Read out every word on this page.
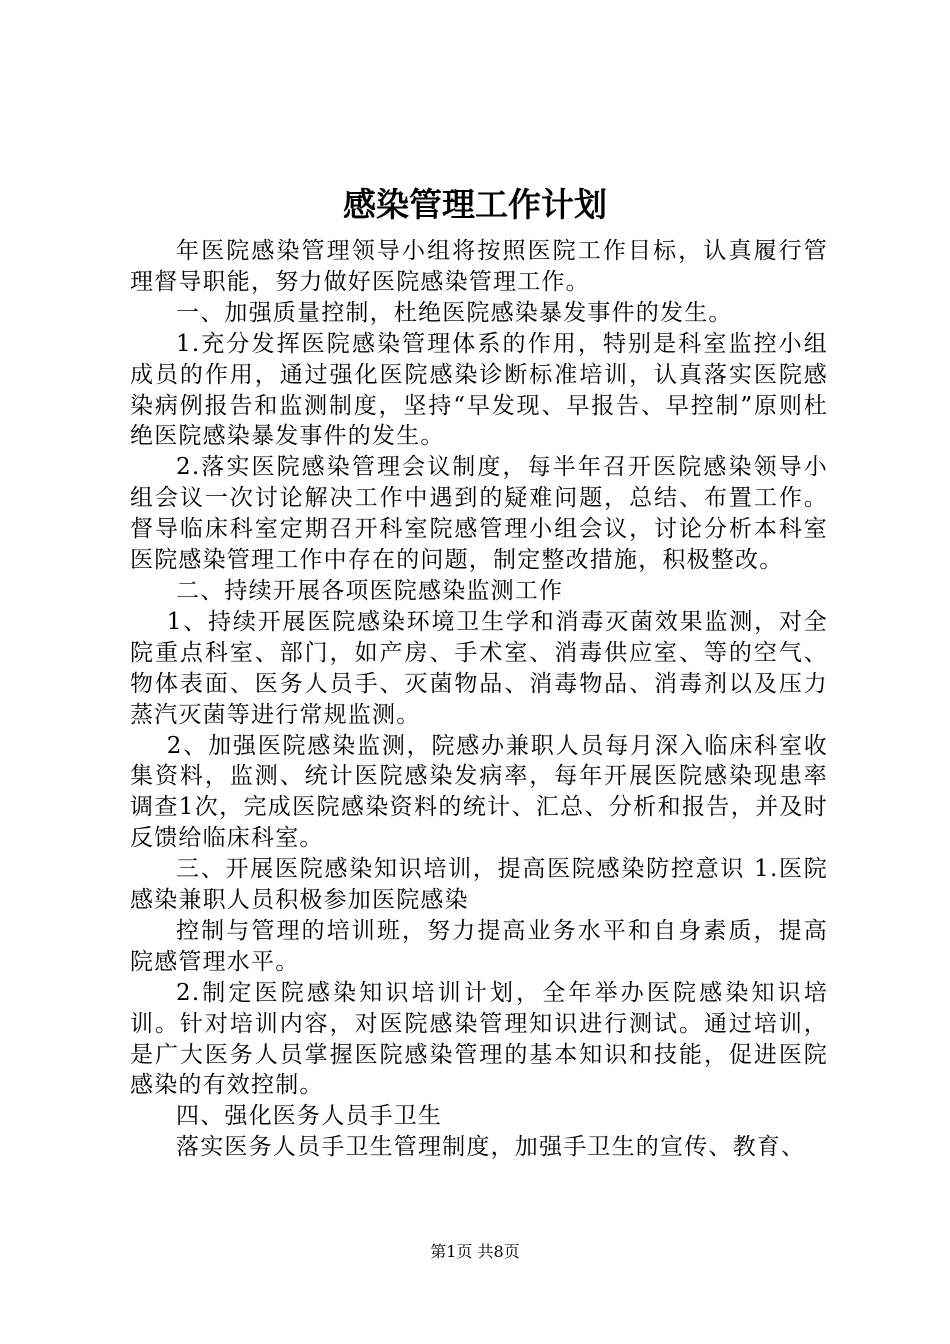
感染管理工作计划

年医院感染管理领导小组将按照医院工作目标，认真履行管理督导职能，努力做好医院感染管理工作。

一、加强质量控制，杜绝医院感染暴发事件的发生。

1.充分发挥医院感染管理体系的作用，特别是科室监控小组成员的作用，通过强化医院感染诊断标准培训，认真落实医院感染病例报告和监测制度，坚持“早发现、早报告、早控制”原则杜绝医院感染暴发事件的发生。

2.落实医院感染管理会议制度，每半年召开医院感染领导小组会议一次讨论解决工作中遇到的疑难问题，总结、布置工作。督导临床科室定期召开科室院感管理小组会议，讨论分析本科室医院感染管理工作中存在的问题，制定整改措施，积极整改。

二、持续开展各项医院感染监测工作

1、持续开展医院感染环境卫生学和消毒灭菌效果监测，对全院重点科室、部门，如产房、手术室、消毒供应室、等的空气、物体表面、医务人员手、灭菌物品、消毒物品、消毒剂以及压力蒸汽灭菌等进行常规监测。

2、加强医院感染监测，院感办兼职人员每月深入临床科室收集资料，监测、统计医院感染发病率，每年开展医院感染现患率调查1次，完成医院感染资料的统计、汇总、分析和报告，并及时反馈给临床科室。

三、开展医院感染知识培训，提高医院感染防控意识 1.医院感染兼职人员积极参加医院感染

控制与管理的培训班，努力提高业务水平和自身素质，提高院感管理水平。

2.制定医院感染知识培训计划，全年举办医院感染知识培训。针对培训内容，对医院感染管理知识进行测试。通过培训，是广大医务人员掌握医院感染管理的基本知识和技能，促进医院感染的有效控制。

四、强化医务人员手卫生

落实医务人员手卫生管理制度，加强手卫生的宣传、教育、

第1页 共8页
